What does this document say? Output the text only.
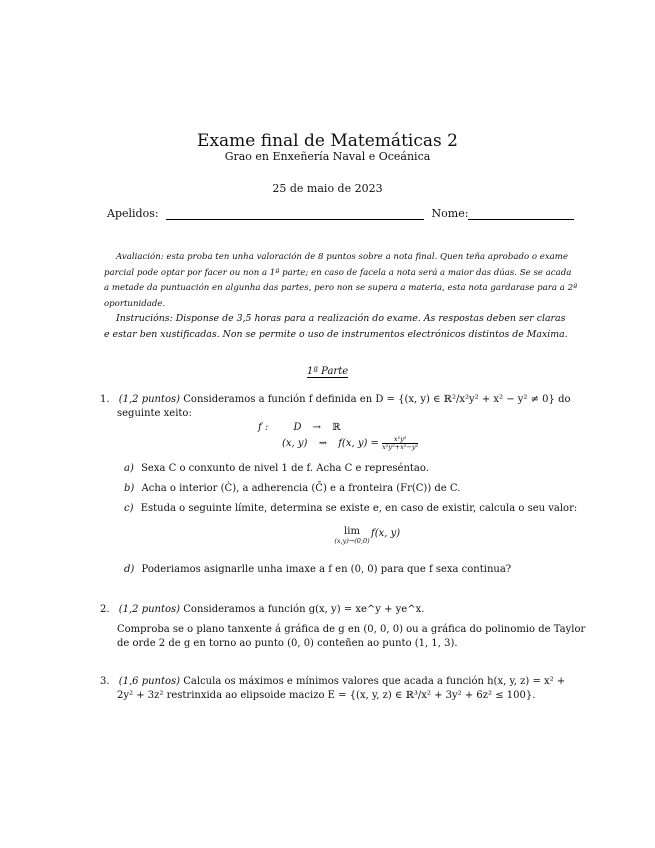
Exame final de Matemáticas 2
Grao en Enxeñería Naval e Oceánica
25 de maio de 2023
Apelidos:	Nome:
Avaliación: esta proba ten unha valoración de 8 puntos sobre a nota final. Quen teña aprobado o exame
parcial pode optar por facer ou non a 1ª parte; en caso de facela a nota será a maior das dúas. Se se acada
a metade da puntuación en algunha das partes, pero non se supera a materia, esta nota gardarase para a 2ª
oportunidade.
Instrucións: Disponse de 3,5 horas para a realización do exame. As respostas deben ser claras
e estar ben xustificadas. Non se permite o uso de instrumentos electrónicos distintos de Maxima.
1ª Parte
1. (1,2 puntos) Consideramos a función f definida en D = {(x, y) ∈ ℝ²/x²y² + x² − y² ≠ 0} do
seguinte xeito:
f :	D → ℝ
(x, y) ⇝ f(x, $y) = \frac{\text{x²y²}}{\text{x²y²+x²−y²}}$
a) Sexa C o conxunto de nivel 1 de f. Acha C e represéntao.
b) Acha o interior (Ċ), a adherencia (C̄) e a fronteira (Fr(C)) de C.
c) Estuda o seguinte límite, determina se existe e, en caso de existir, calcula o seu valor:
lim
(x,y)→(0,0)
f(x, y)
d) Poderiamos asignarlle unha imaxe a f en (0, 0) para que f sexa continua?
2. (1,2 puntos) Consideramos a función g(x, y) = xe^y + ye^x.
Comproba se o plano tanxente á gráfica de g en (0, 0, 0) ou a gráfica do polinomio de Taylor
de orde 2 de g en torno ao punto (0, 0) conteñen ao punto (1, 1, 3).
3. (1,6 puntos) Calcula os máximos e mínimos valores que acada a función h(x, y, z) = x² +
2y² + 3z² restrinxida ao elipsoide macizo E = {(x, y, z) ∈ ℝ³/x² + 3y² + 6z² ≤ 100}.
